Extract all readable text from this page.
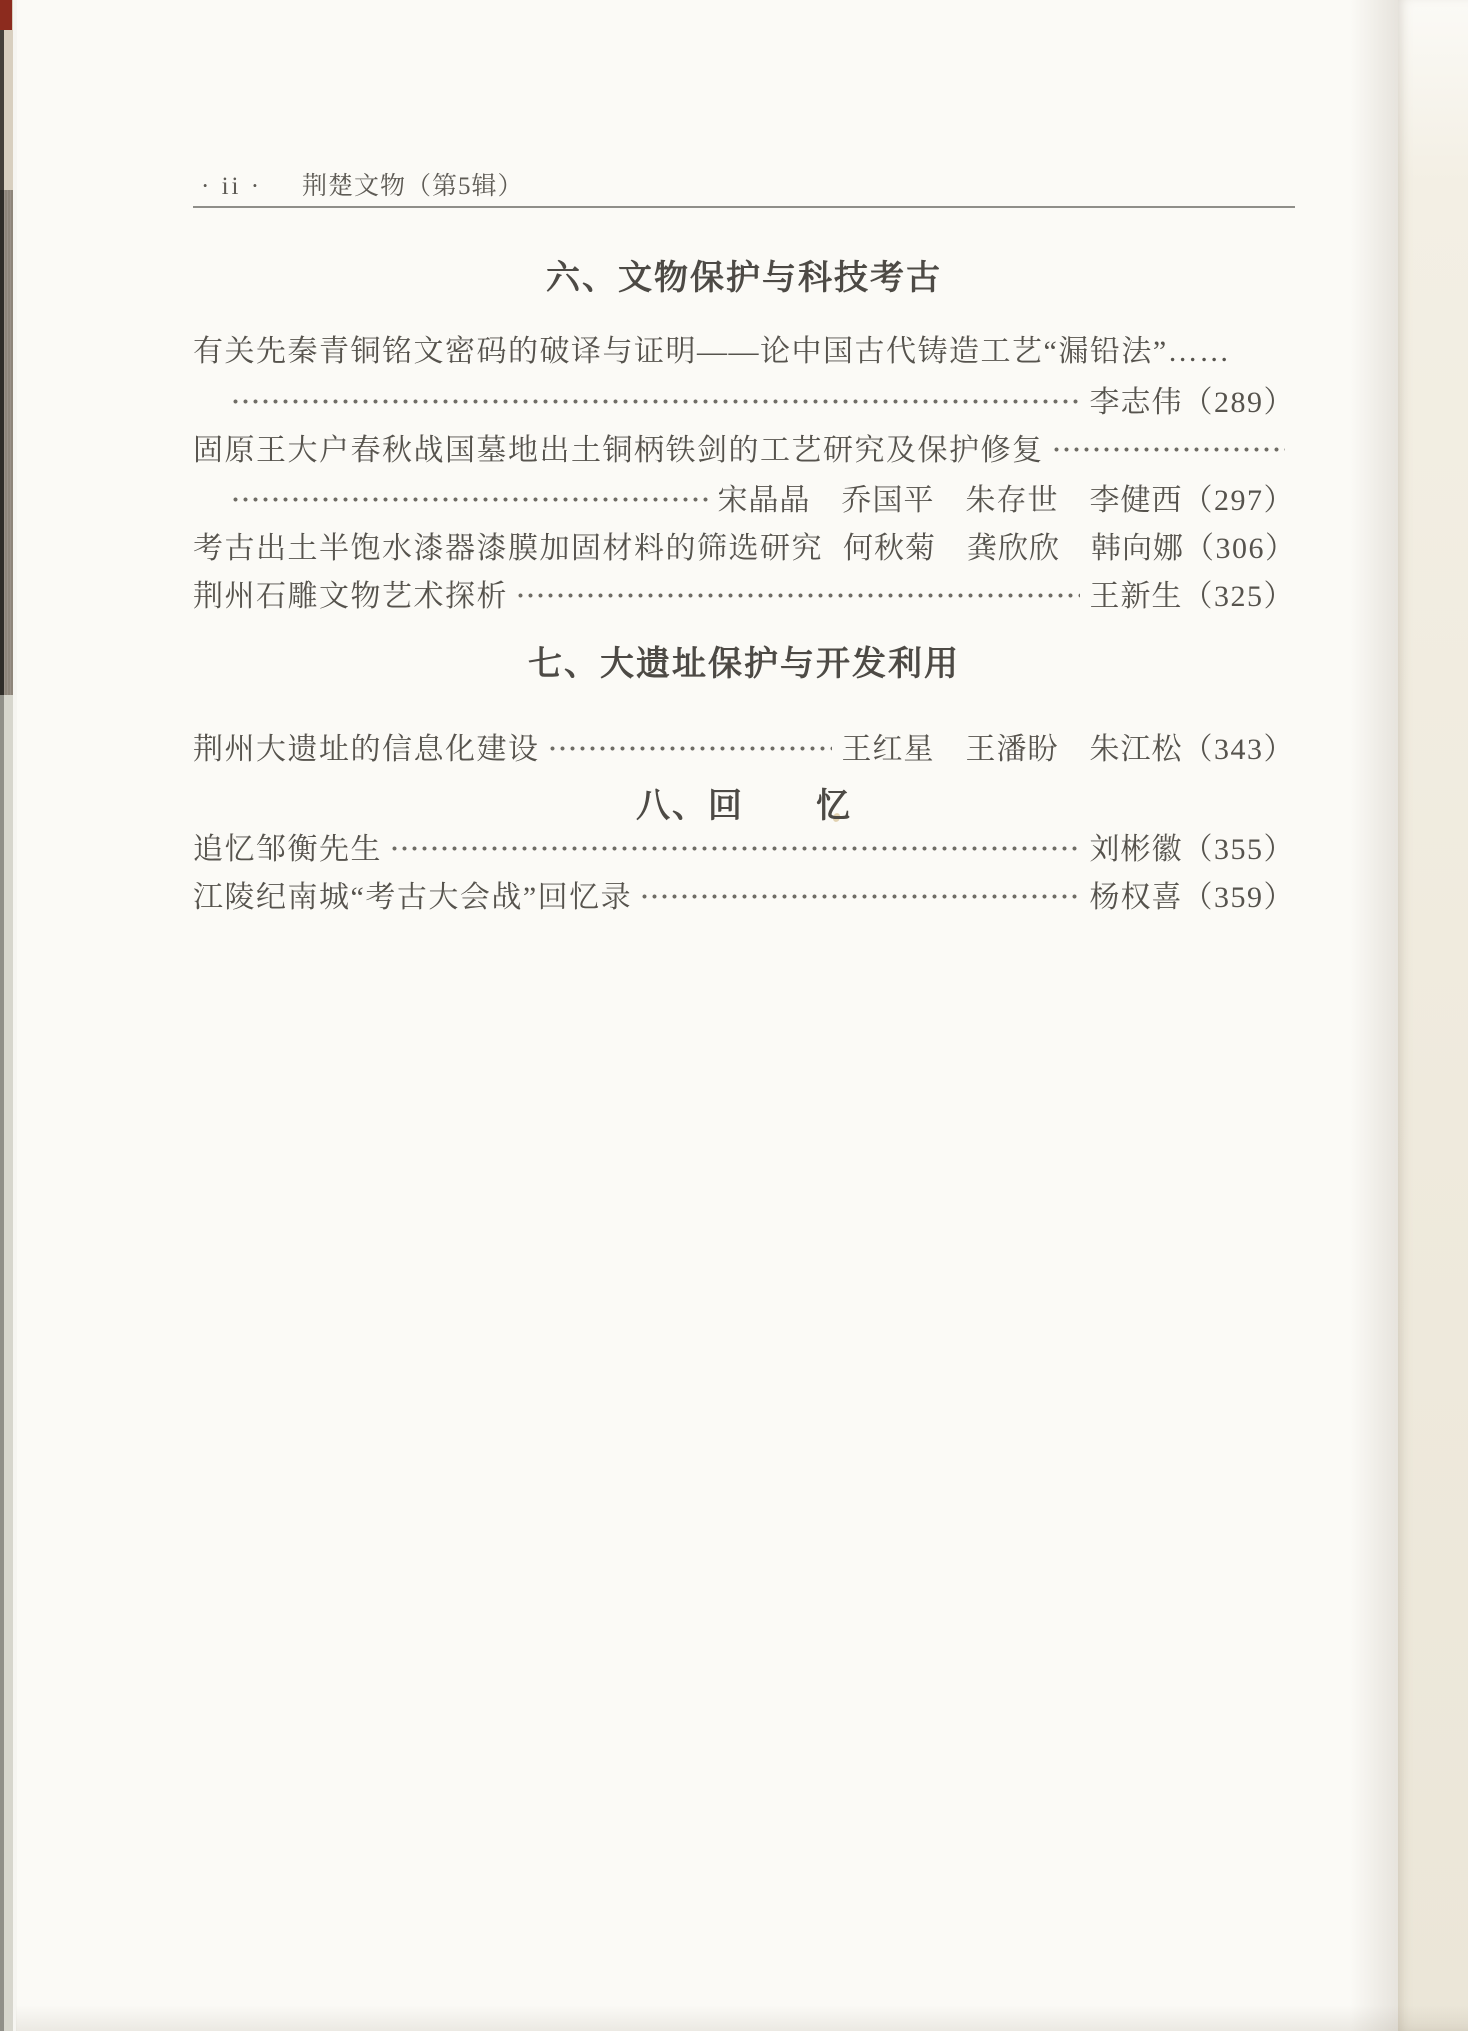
· ii · 荆楚文物（第5辑）
六、文物保护与科技考古
有关先秦青铜铭文密码的破译与证明——论中国古代铸造工艺“漏铅法”……
李志伟 （289）
固原王大户春秋战国墓地出土铜柄铁剑的工艺研究及保护修复
宋晶晶　乔国平　朱存世　李健西 （297）
考古出土半饱水漆器漆膜加固材料的筛选研究 何秋菊　龚欣欣　韩向娜 （306）
荆州石雕文物艺术探析	王新生 （325）
七、大遗址保护与开发利用
荆州大遗址的信息化建设	王红星　王潘盼　朱江松 （343）
八、回　　忆
追忆邹衡先生	刘彬徽 （355）
江陵纪南城“考古大会战”回忆录	杨权喜 （359）
